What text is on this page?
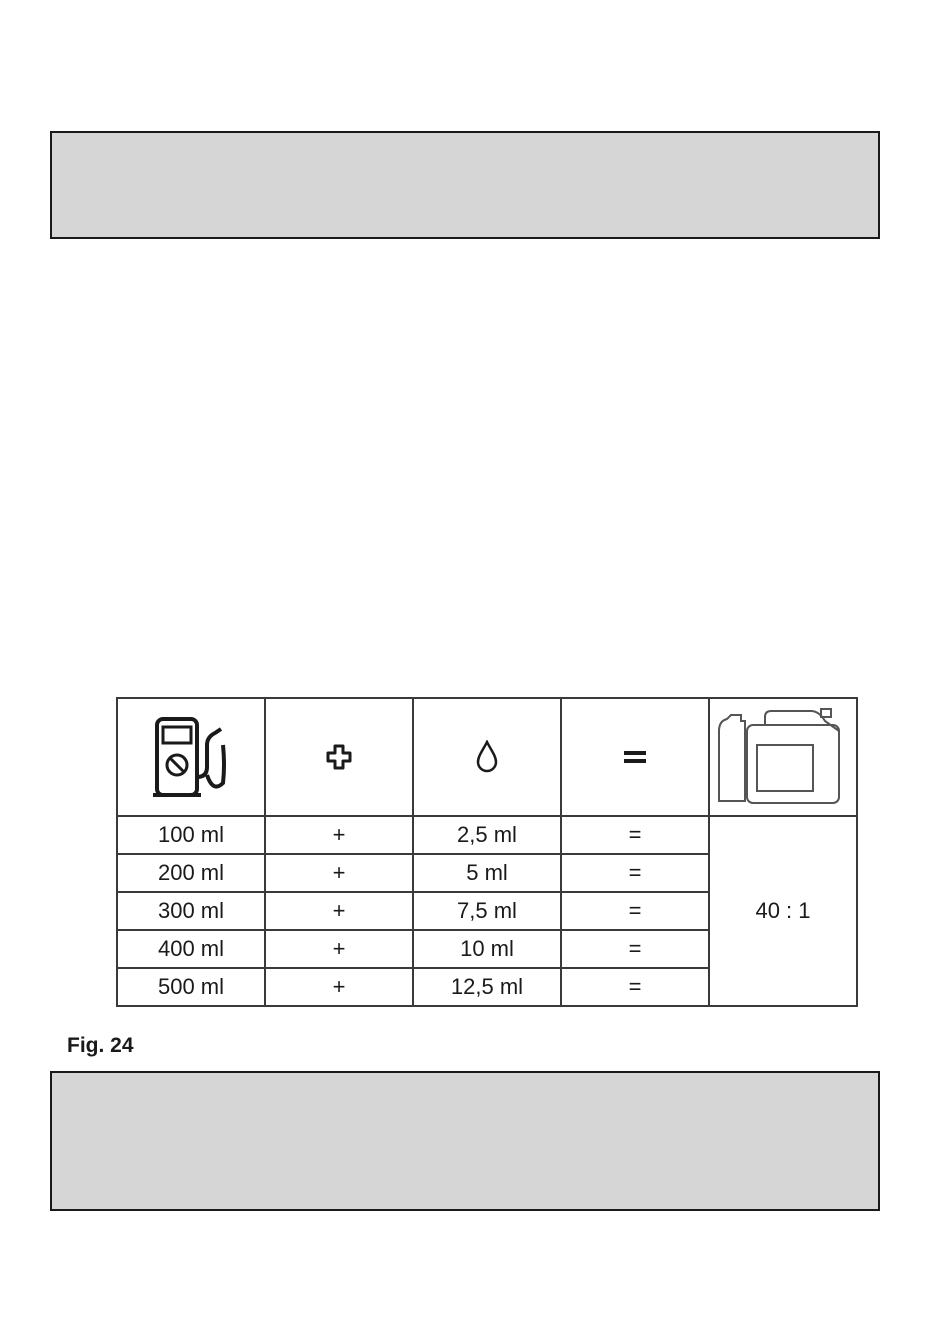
100 ml	+	2,5 ml	=	40 : 1
200 ml	+	5 ml	=	
300 ml	+	7,5 ml	=	
400 ml	+	10 ml	=	
500 ml	+	12,5 ml	=	
Fig. 24
